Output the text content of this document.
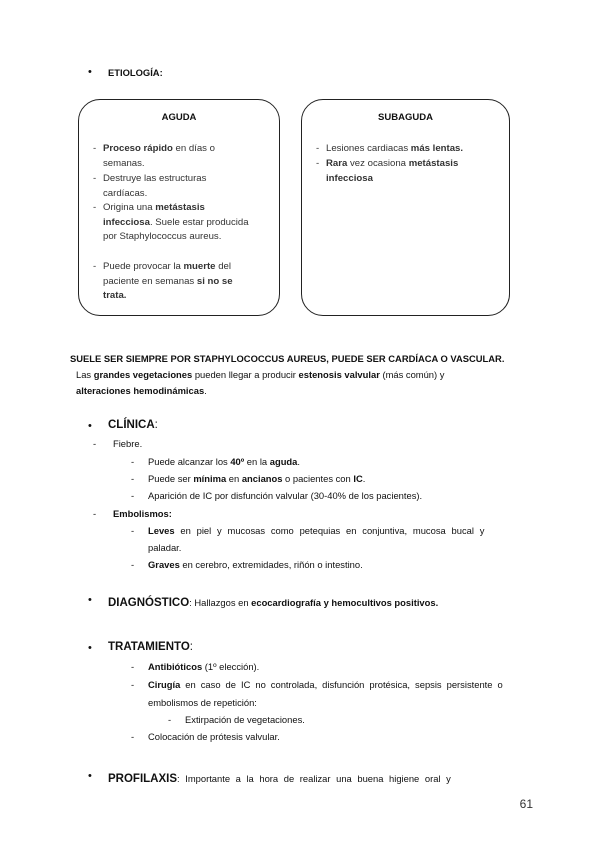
• ETIOLOGÍA:
AGUDA
- Proceso rápido en días o semanas.
- Destruye las estructuras cardíacas.
- Origina una metástasis infecciosa. Suele estar producida por Staphylococcus aureus.
- Puede provocar la muerte del paciente en semanas si no se trata.
SUBAGUDA
- Lesiones cardiacas más lentas.
- Rara vez ocasiona metástasis infecciosa
SUELE SER SIEMPRE POR STAPHYLOCOCCUS AUREUS, PUEDE SER CARDÍACA O VASCULAR.
Las grandes vegetaciones pueden llegar a producir estenosis valvular (más común) y
alteraciones hemodinámicas.
• CLÍNICA:
- Fiebre.
- Puede alcanzar los 40º en la aguda.
- Puede ser mínima en ancianos o pacientes con IC.
- Aparición de IC por disfunción valvular (30-40% de los pacientes).
- Embolismos:
- Leves en piel y mucosas como petequias en conjuntiva, mucosa bucal y
paladar.
- Graves en cerebro, extremidades, riñón o intestino.
• DIAGNÓSTICO: Hallazgos en ecocardiografía y hemocultivos positivos.
• TRATAMIENTO:
- Antibióticos (1º elección).
- Cirugía en caso de IC no controlada, disfunción protésica, sepsis persistente o
embolismos de repetición:
- Extirpación de vegetaciones.
- Colocación de prótesis valvular.
• PROFILAXIS: Importante a la hora de realizar una buena higiene oral y
61
